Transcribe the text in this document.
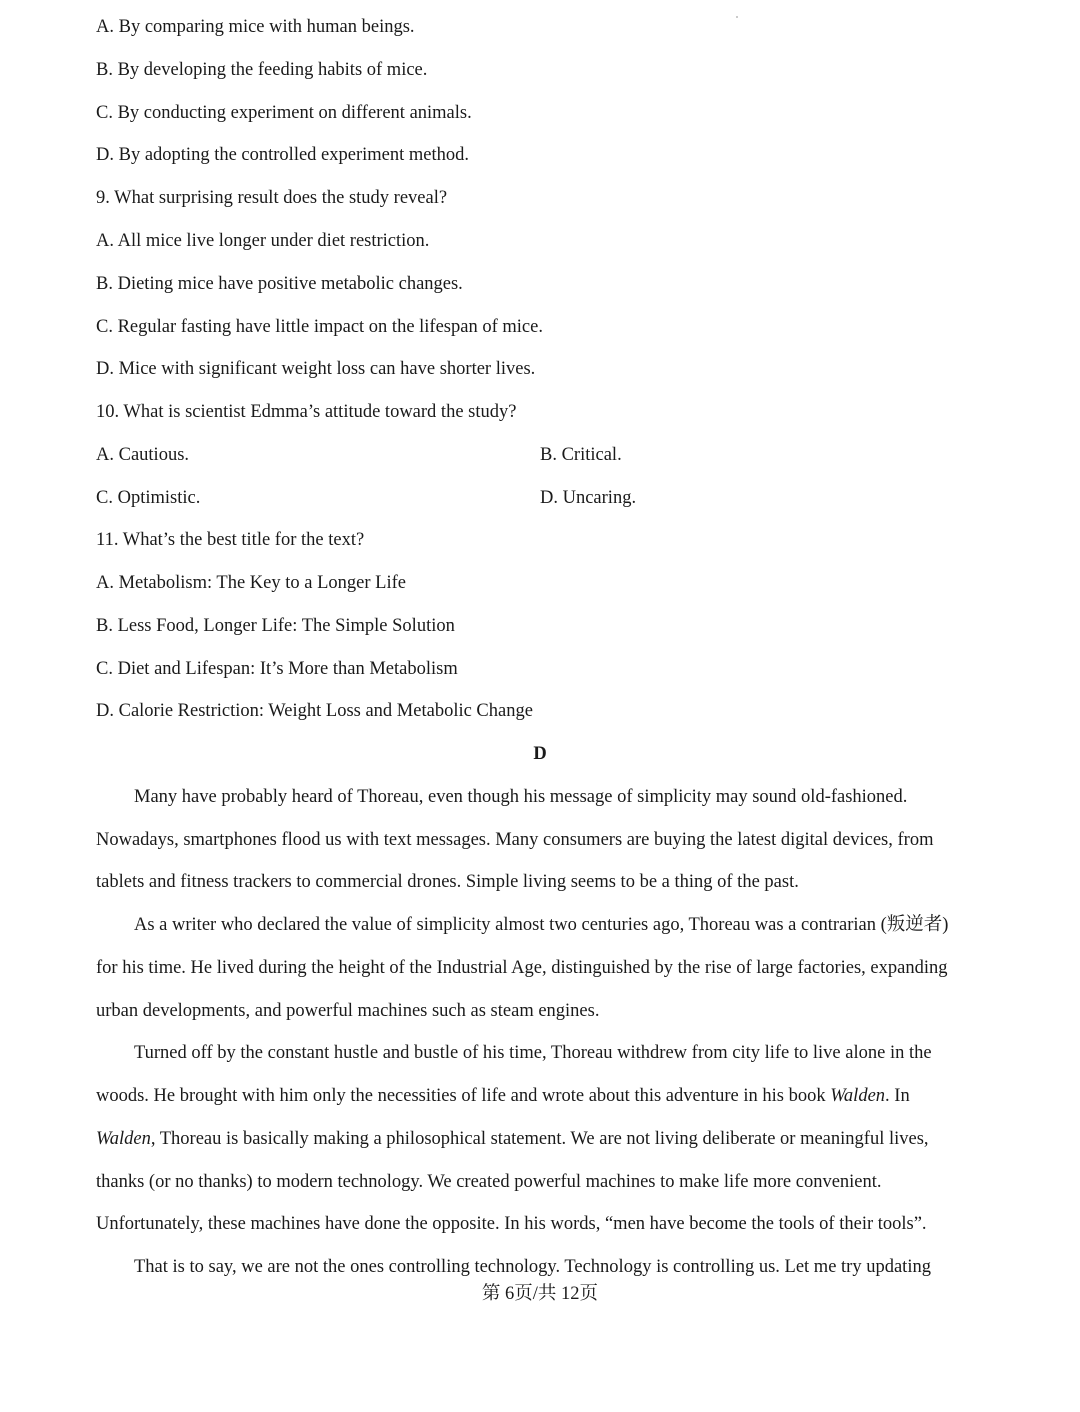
A. By comparing mice with human beings.
B. By developing the feeding habits of mice.
C. By conducting experiment on different animals.
D. By adopting the controlled experiment method.
9. What surprising result does the study reveal?
A. All mice live longer under diet restriction.
B. Dieting mice have positive metabolic changes.
C. Regular fasting have little impact on the lifespan of mice.
D. Mice with significant weight loss can have shorter lives.
10. What is scientist Edmma’s attitude toward the study?
A. Cautious.	B. Critical.
C. Optimistic.	D. Uncaring.
11. What’s the best title for the text?
A. Metabolism: The Key to a Longer Life
B. Less Food, Longer Life: The Simple Solution
C. Diet and Lifespan: It’s More than Metabolism
D. Calorie Restriction: Weight Loss and Metabolic Change
D
Many have probably heard of Thoreau, even though his message of simplicity may sound old-fashioned.
Nowadays, smartphones flood us with text messages. Many consumers are buying the latest digital devices, from
tablets and fitness trackers to commercial drones. Simple living seems to be a thing of the past.
As a writer who declared the value of simplicity almost two centuries ago, Thoreau was a contrarian (叛逆者)
for his time. He lived during the height of the Industrial Age, distinguished by the rise of large factories, expanding
urban developments, and powerful machines such as steam engines.
Turned off by the constant hustle and bustle of his time, Thoreau withdrew from city life to live alone in the
woods. He brought with him only the necessities of life and wrote about this adventure in his book Walden. In
Walden, Thoreau is basically making a philosophical statement. We are not living deliberate or meaningful lives,
thanks (or no thanks) to modern technology. We created powerful machines to make life more convenient.
Unfortunately, these machines have done the opposite. In his words, “men have become the tools of their tools”.
That is to say, we are not the ones controlling technology. Technology is controlling us. Let me try updating
第 6页/共 12页
